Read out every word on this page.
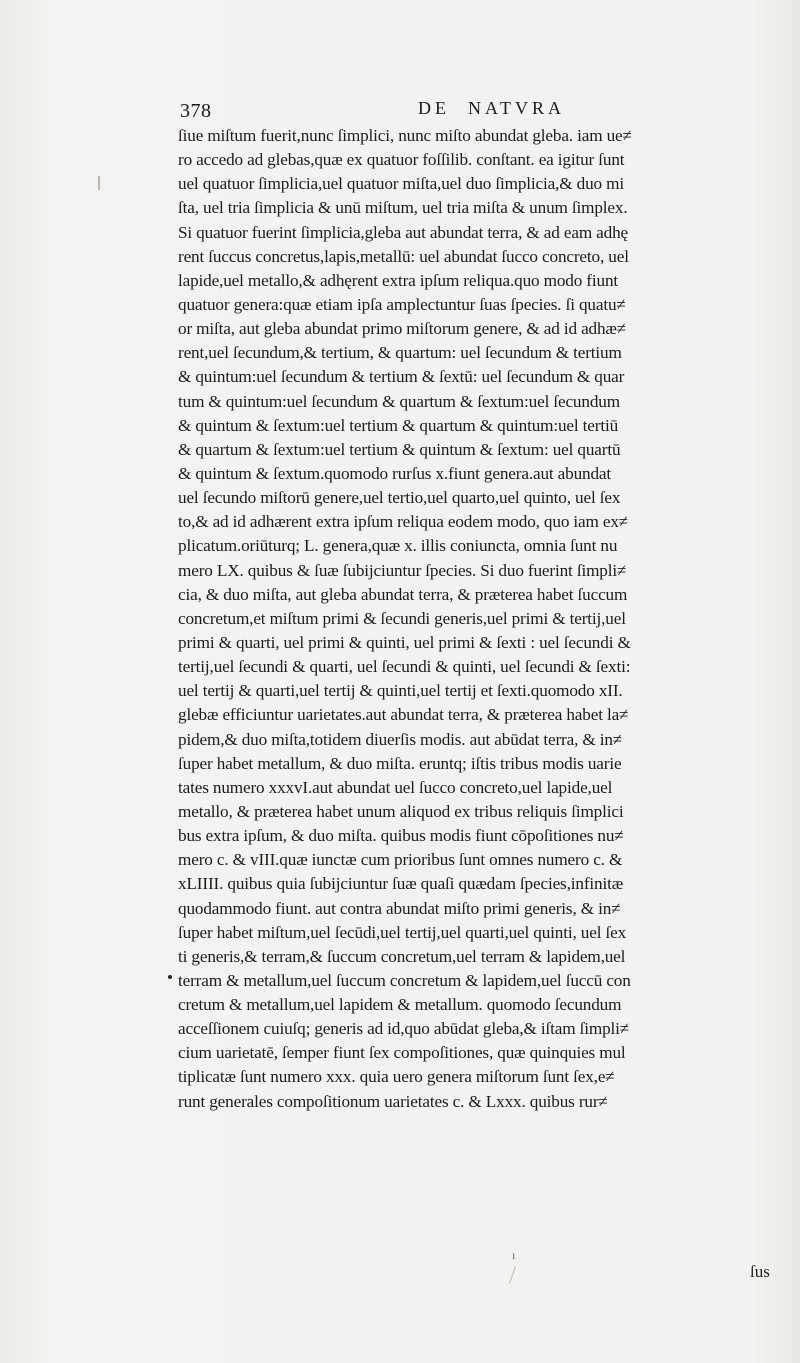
378	DE NATVRA
ſiue miſtum fuerit,nunc ſimplici, nunc miſto abundat gleba. iam ue≠
ro accedo ad glebas,quæ ex quatuor foſſilib. conſtant. ea igitur ſunt
uel quatuor ſimplicia,uel quatuor miſta,uel duo ſimplicia,& duo mi
ſta, uel tria ſimplicia & unū miſtum, uel tria miſta & unum ſimplex.
Si quatuor fuerint ſimplicia,gleba aut abundat terra, & ad eam adhę
rent ſuccus concretus,lapis,metallū: uel abundat ſucco concreto, uel
lapide,uel metallo,& adhęrent extra ipſum reliqua.quo modo fiunt
quatuor genera:quæ etiam ipſa amplectuntur ſuas ſpecies. ſi quatu≠
or miſta, aut gleba abundat primo miſtorum genere, & ad id adhæ≠
rent,uel ſecundum,& tertium, & quartum: uel ſecundum & tertium
& quintum:uel ſecundum & tertium & ſextū: uel ſecundum & quar
tum & quintum:uel ſecundum & quartum & ſextum:uel ſecundum
& quintum & ſextum:uel tertium & quartum & quintum:uel tertiū
& quartum & ſextum:uel tertium & quintum & ſextum: uel quartū
& quintum & ſextum.quomodo rurſus x.fiunt genera.aut abundat
uel ſecundo miſtorū genere,uel tertio,uel quarto,uel quinto, uel ſex
to,& ad id adhærent extra ipſum reliqua eodem modo, quo iam ex≠
plicatum.oriūturq; L. genera,quæ x. illis coniuncta, omnia ſunt nu
mero LX. quibus & ſuæ ſubijciuntur ſpecies. Si duo fuerint ſimpli≠
cia, & duo miſta, aut gleba abundat terra, & præterea habet ſuccum
concretum,et miſtum primi & ſecundi generis,uel primi & tertij,uel
primi & quarti, uel primi & quinti, uel primi & ſexti : uel ſecundi &
tertij,uel ſecundi & quarti, uel ſecundi & quinti, uel ſecundi & ſexti:
uel tertij & quarti,uel tertij & quinti,uel tertij et ſexti.quomodo xII.
glebæ efficiuntur uarietates.aut abundat terra, & præterea habet la≠
pidem,& duo miſta,totidem diuerſis modis. aut abūdat terra, & in≠
ſuper habet metallum, & duo miſta. eruntq; iſtis tribus modis uarie
tates numero xxxvI.aut abundat uel ſucco concreto,uel lapide,uel
metallo, & præterea habet unum aliquod ex tribus reliquis ſimplici
bus extra ipſum, & duo miſta. quibus modis fiunt cōpoſitiones nu≠
mero c. & vIII.quæ iunctæ cum prioribus ſunt omnes numero c. &
xLIIII. quibus quia ſubijciuntur ſuæ quaſi quædam ſpecies,infinitæ
quodammodo fiunt. aut contra abundat miſto primi generis, & in≠
ſuper habet miſtum,uel ſecūdi,uel tertij,uel quarti,uel quinti, uel ſex
ti generis,& terram,& ſuccum concretum,uel terram & lapidem,uel
terram & metallum,uel ſuccum concretum & lapidem,uel ſuccū con
cretum & metallum,uel lapidem & metallum. quomodo ſecundum
acceſſionem cuiuſq; generis ad id,quo abūdat gleba,& iſtam ſimpli≠
cium uarietatē, ſemper fiunt ſex compoſitiones, quæ quinquies mul
tiplicatæ ſunt numero xxx. quia uero genera miſtorum ſunt ſex,e≠
runt generales compoſitionum uarietates c. & Lxxx. quibus rur≠
ı
ſus
